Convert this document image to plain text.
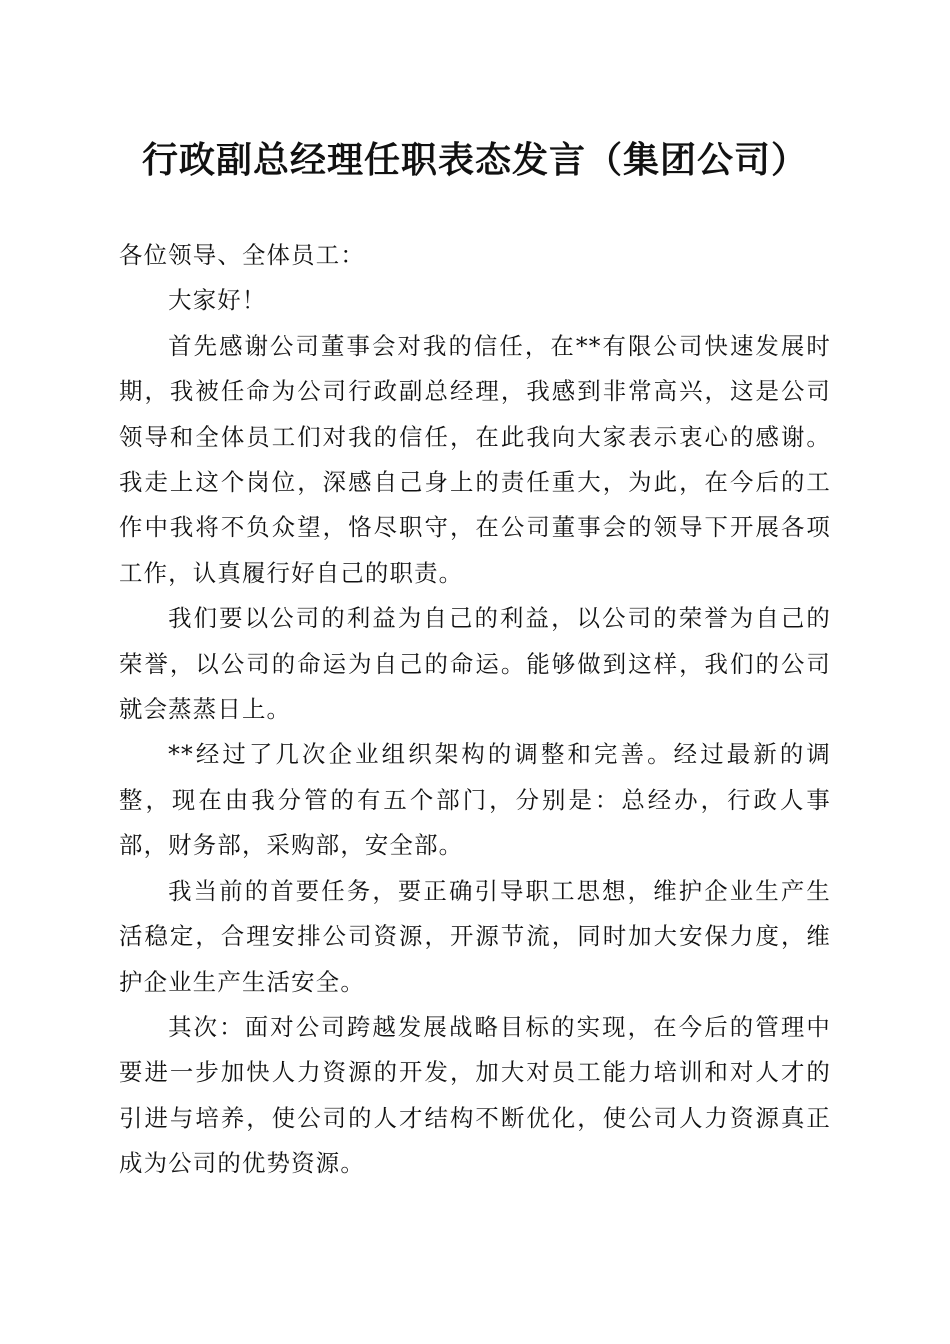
行政副总经理任职表态发言（集团公司）

各位领导、全体员工：

大家好！

首先感谢公司董事会对我的信任，在**有限公司快速发展时期，我被任命为公司行政副总经理，我感到非常高兴，这是公司领导和全体员工们对我的信任，在此我向大家表示衷心的感谢。我走上这个岗位，深感自己身上的责任重大，为此，在今后的工作中我将不负众望，恪尽职守，在公司董事会的领导下开展各项工作，认真履行好自己的职责。

我们要以公司的利益为自己的利益，以公司的荣誉为自己的荣誉，以公司的命运为自己的命运。能够做到这样，我们的公司就会蒸蒸日上。

**经过了几次企业组织架构的调整和完善。经过最新的调整，现在由我分管的有五个部门，分别是：总经办，行政人事部，财务部，采购部，安全部。

我当前的首要任务，要正确引导职工思想，维护企业生产生活稳定，合理安排公司资源，开源节流，同时加大安保力度，维护企业生产生活安全。

其次：面对公司跨越发展战略目标的实现，在今后的管理中要进一步加快人力资源的开发，加大对员工能力培训和对人才的引进与培养，使公司的人才结构不断优化，使公司人力资源真正成为公司的优势资源。
